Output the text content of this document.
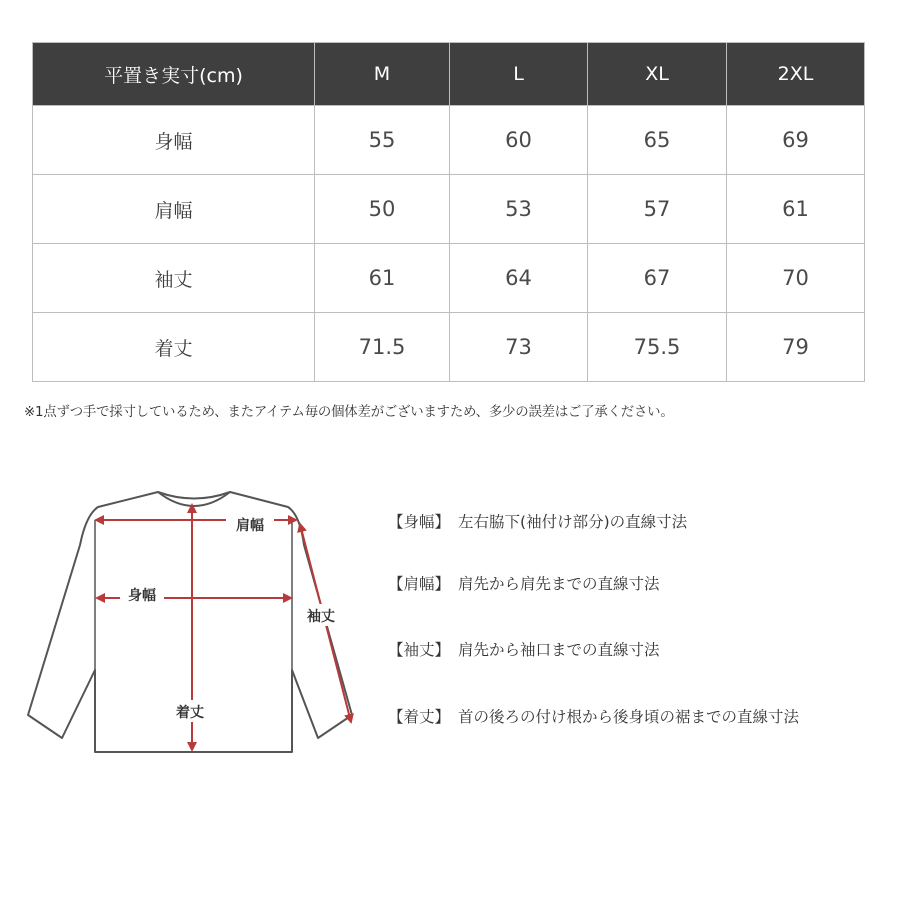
平置き実寸(cm)	M	L	XL	2XL
身幅	55	60	65	69
肩幅	50	53	57	61
袖丈	61	64	67	70
着丈	71.5	73	75.5	79
※1点ずつ手で採寸しているため、またアイテム毎の個体差がございますため、多少の誤差はご了承ください。
肩幅
身幅
着丈
袖丈
【身幅】 左右脇下(袖付け部分)の直線寸法
【肩幅】 肩先から肩先までの直線寸法
【袖丈】 肩先から袖口までの直線寸法
【着丈】 首の後ろの付け根から後身頃の裾までの直線寸法
